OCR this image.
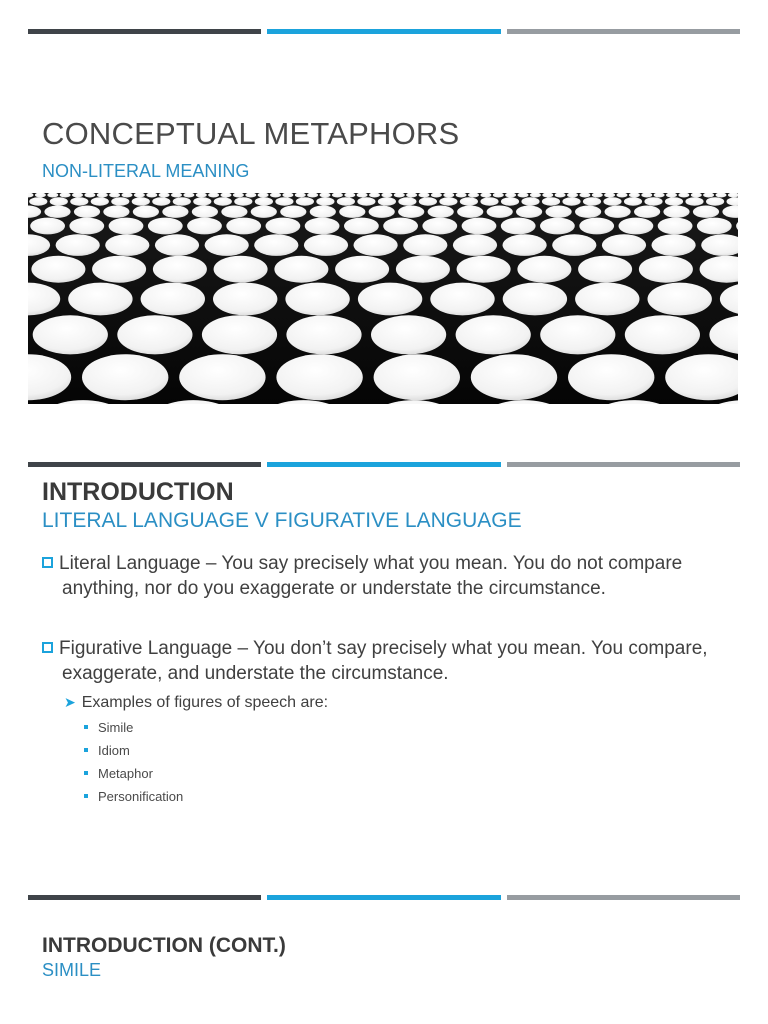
CONCEPTUAL METAPHORS
NON-LITERAL MEANING
INTRODUCTION
LITERAL LANGUAGE V FIGURATIVE LANGUAGE
Literal Language – You say precisely what you mean. You do not compare anything, nor do you exaggerate or understate the circumstance.
Figurative Language – You don’t say precisely what you mean. You compare, exaggerate, and understate the circumstance.
➤ Examples of figures of speech are:
Simile
Idiom
Metaphor
Personification
INTRODUCTION (CONT.)
SIMILE
